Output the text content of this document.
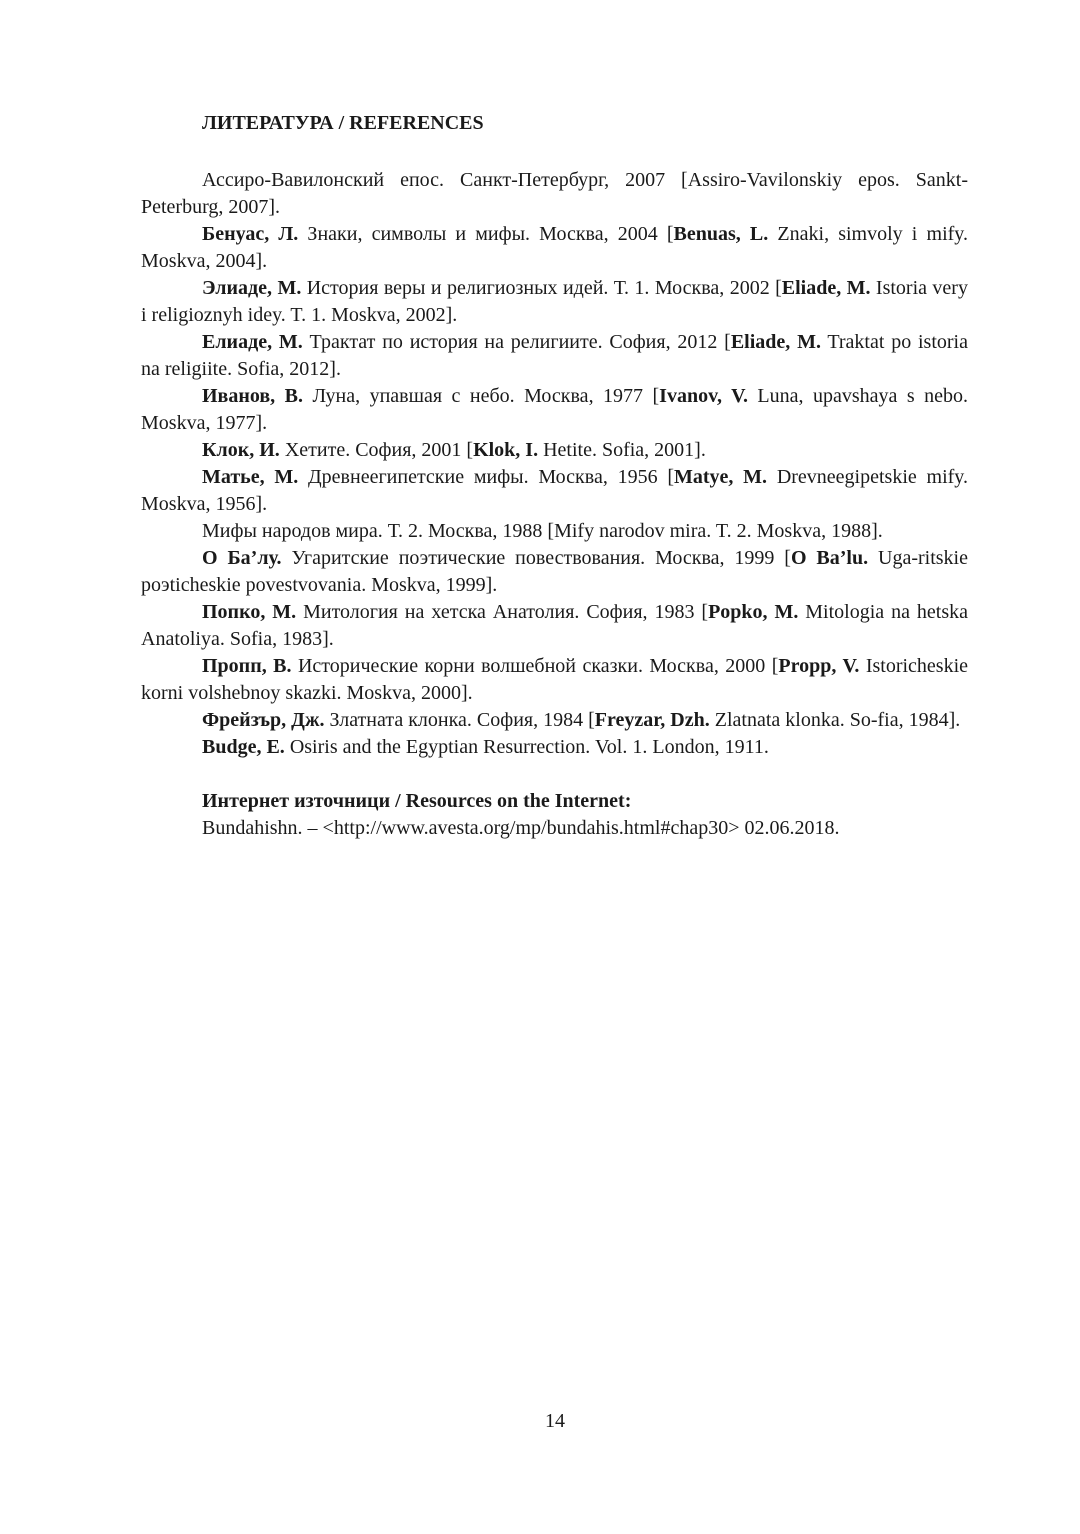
ЛИТЕРАТУРА / REFERENCES

Ассиро-Вавилонский епос. Санкт-Петербург, 2007 [Assiro-Vavilonskiy epos. Sankt-Peterburg, 2007].

Бенуас, Л. Знаки, символы и мифы. Москва, 2004 [Benuas, L. Znaki, simvoly i mify. Moskva, 2004].

Элиаде, М. История веры и религиозных идей. Т. 1. Москва, 2002 [Eliade, M. Istoria very i religioznyh idey. T. 1. Moskva, 2002].

Елиаде, М. Трактат по история на религиите. София, 2012 [Eliade, M. Traktat po istoria na religiite. Sofia, 2012].

Иванов, В. Луна, упавшая с небо. Москва, 1977 [Ivanov, V. Luna, upavshaya s nebo. Moskva, 1977].

Клок, И. Хетите. София, 2001 [Klok, I. Hetite. Sofia, 2001].

Матье, М. Древнеегипетские мифы. Москва, 1956 [Matye, M. Drevneegipetskie mify. Moskva, 1956].

Мифы народов мира. Т. 2. Москва, 1988 [Mify narodov mira. T. 2. Moskva, 1988].

О Ба’лу. Угаритские поэтические повествования. Москва, 1999 [O Ba’lu. Uga-ritskie poэticheskie povestvovania. Moskva, 1999].

Попко, М. Митология на хетска Анатолия. София, 1983 [Popko, M. Mitologia na hetska Anatoliya. Sofia, 1983].

Пропп, В. Исторические корни волшебной сказки. Москва, 2000 [Propp, V. Istoricheskie korni volshebnoy skazki. Moskva, 2000].

Фрейзър, Дж. Златната клонка. София, 1984 [Freyzar, Dzh. Zlatnata klonka. So-fia, 1984].

Budge, E. Osiris and the Egyptian Resurrection. Vol. 1. London, 1911.

Интернет източници / Resources on the Internet:

Bundahishn. – <http://www.avesta.org/mp/bundahis.html#chap30> 02.06.2018.

14
